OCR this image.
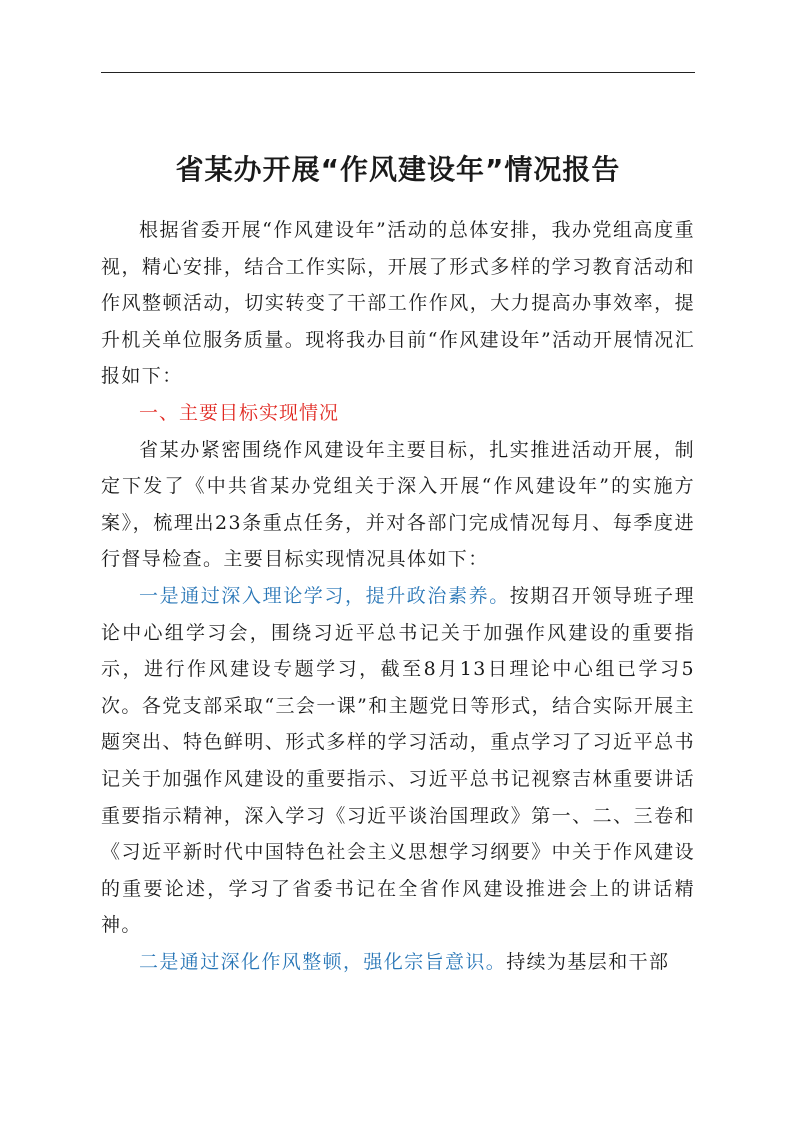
省某办开展“作风建设年”情况报告

根据省委开展“作风建设年”活动的总体安排，我办党组高度重视，精心安排，结合工作实际，开展了形式多样的学习教育活动和作风整顿活动，切实转变了干部工作作风，大力提高办事效率，提升机关单位服务质量。现将我办目前“作风建设年”活动开展情况汇报如下：

一、主要目标实现情况

省某办紧密围绕作风建设年主要目标，扎实推进活动开展，制定下发了《中共省某办党组关于深入开展“作风建设年”的实施方案》，梳理出23条重点任务，并对各部门完成情况每月、每季度进行督导检查。主要目标实现情况具体如下：

一是通过深入理论学习，提升政治素养。按期召开领导班子理论中心组学习会，围绕习近平总书记关于加强作风建设的重要指示，进行作风建设专题学习，截至8月13日理论中心组已学习5次。各党支部采取“三会一课”和主题党日等形式，结合实际开展主题突出、特色鲜明、形式多样的学习活动，重点学习了习近平总书记关于加强作风建设的重要指示、习近平总书记视察吉林重要讲话重要指示精神，深入学习《习近平谈治国理政》第一、二、三卷和《习近平新时代中国特色社会主义思想学习纲要》中关于作风建设的重要论述，学习了省委书记在全省作风建设推进会上的讲话精神。

二是通过深化作风整顿，强化宗旨意识。持续为基层和干部
